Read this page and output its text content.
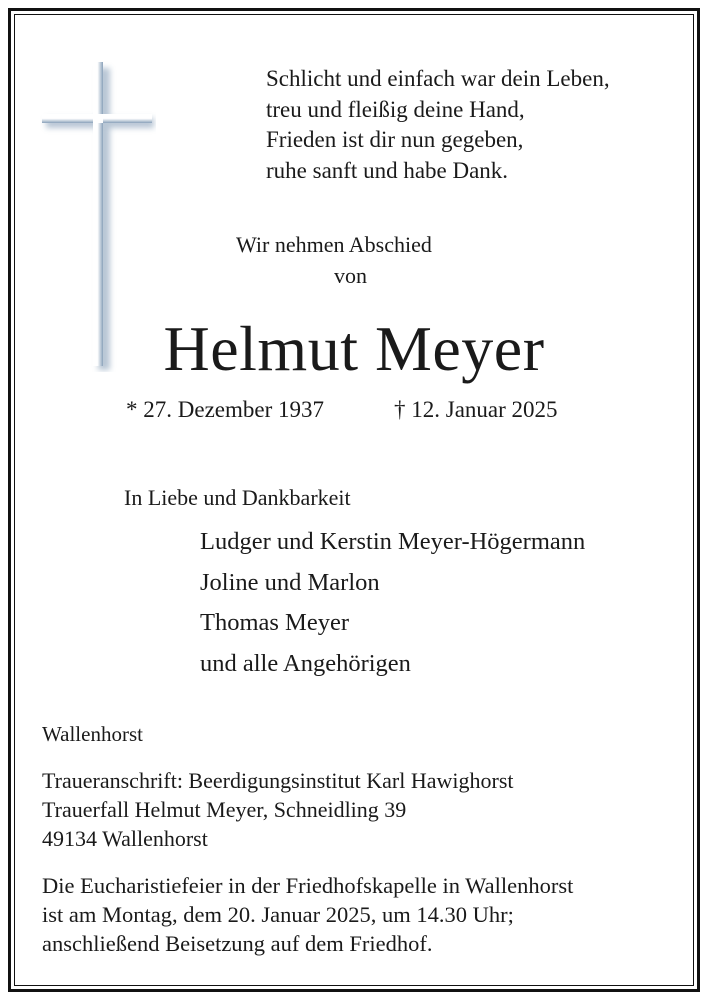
Schlicht und einfach war dein Leben,
treu und fleißig deine Hand,
Frieden ist dir nun gegeben,
ruhe sanft und habe Dank.
Wir nehmen Abschied
von
Helmut Meyer
* 27. Dezember 1937	† 12. Januar 2025
In Liebe und Dankbarkeit
Ludger und Kerstin Meyer-Högermann
Joline und Marlon
Thomas Meyer
und alle Angehörigen
Wallenhorst
Traueranschrift: Beerdigungsinstitut Karl Hawighorst
Trauerfall Helmut Meyer, Schneidling 39
49134 Wallenhorst
Die Eucharistiefeier in der Friedhofskapelle in Wallenhorst
ist am Montag, dem 20. Januar 2025, um 14.30 Uhr;
anschließend Beisetzung auf dem Friedhof.
